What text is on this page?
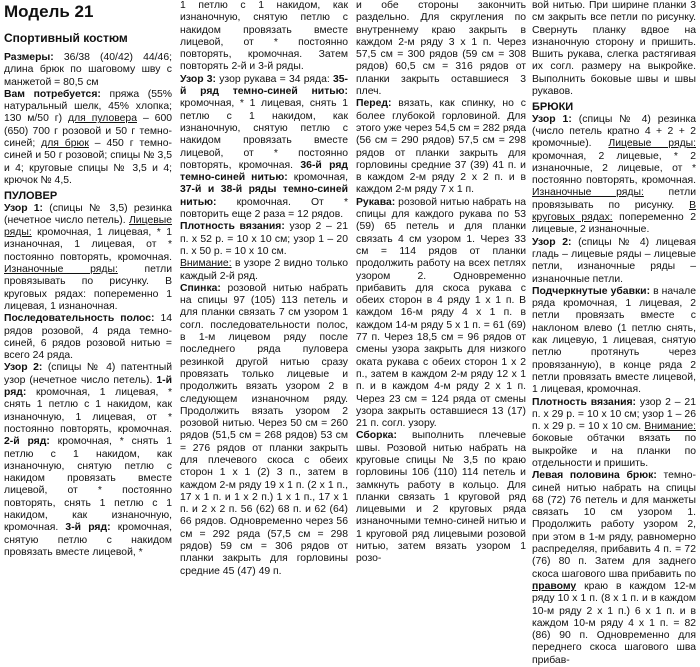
Модель 21
Спортивный костюм

Размеры: 36/38 (40/42) 44/46; длина брюк по шаговому шву с манжетой = 80,5 см

Вам потребуется: пряжа (55% натуральный шелк, 45% хлопка; 130 м/50 г) для пуловера – 600 (650) 700 г розовой и 50 г темно-синей; для брюк – 450 г темно-синей и 50 г розовой; спицы № 3,5 и 4; круговые спицы № 3,5 и 4; крючок № 4,5.

ПУЛОВЕР

Узор 1: (спицы № 3,5) резинка (нечетное число петель). Лицевые ряды: кромочная, 1 лицевая, * 1 изнаночная, 1 лицевая, от * постоянно повторять, кромочная. Изнаночные ряды: петли провязывать по рисунку. В круговых рядах: попеременно 1 лицевая, 1 изнаночная.

Последовательность полос: 14 рядов розовой, 4 ряда темно-синей, 6 рядов розовой нитью = всего 24 ряда.

Узор 2: (спицы № 4) патентный узор (нечетное число петель). 1-й ряд: кромочная, 1 лицевая, * снять 1 петлю с 1 накидом, как изнаночную, 1 лицевая, от * постоянно повторять, кромочная. 2-й ряд: кромочная, * снять 1 петлю с 1 накидом, как изнаночную, снятую петлю с накидом провязать вместе лицевой, от * постоянно повторять, снять 1 петлю с 1 накидом, как изнаночную, кромочная. 3-й ряд: кромочная, снятую петлю с накидом провязать вместе лицевой, *

1 петлю с 1 накидом, как изнаночную, снятую петлю с накидом провязать вместе лицевой, от * постоянно повторять, кромочная. Затем повторять 2-й и 3-й ряды.

Узор 3: узор рукава = 34 ряда: 35-й ряд темно-синей нитью: кромочная, * 1 лицевая, снять 1 петлю с 1 накидом, как изнаночную, снятую петлю с накидом провязать вместе лицевой, от * постоянно повторять, кромочная. 36-й ряд темно-синей нитью: кромочная, 37-й и 38-й ряды темно-синей нитью: кромочная. От * повторить еще 2 раза = 12 рядов.

Плотность вязания: узор 2 – 21 п. x 52 р. = 10 x 10 см; узор 1 – 20 п. x 50 р. = 10 x 10 см.

Внимание: в узоре 2 видно только каждый 2-й ряд.

Спинка: розовой нитью набрать на спицы 97 (105) 113 петель и для планки связать 7 см узором 1 согл. последовательности полос, в 1-м лицевом ряду после последнего ряда пуловера резинкой другой нитью сразу провязать только лицевые и продолжить вязать узором 2 в следующем изнаночном ряду. Продолжить вязать узором 2 розовой нитью. Через 50 см = 260 рядов (51,5 см = 268 рядов) 53 см = 276 рядов от планки закрыть для плечевого скоса с обеих сторон 1 x 1 (2) 3 п., затем в каждом 2-м ряду 19 x 1 п. (2 x 1 п., 17 x 1 п. и 1 x 2 п.) 1 x 1 п., 17 x 1 п. и 2 x 2 п. 56 (62) 68 п. и 62 (64) 66 рядов. Одновременно через 56 см = 292 ряда (57,5 см = 298 рядов) 59 см = 306 рядов от планки закрыть для горловины средние 45 (47) 49 п.

и обе стороны закончить раздельно. Для скругления по внутреннему краю закрыть в каждом 2-м ряду 3 x 1 п. Через 57,5 см = 300 рядов (59 см = 308 рядов) 60,5 см = 316 рядов от планки закрыть оставшиеся 3 плеч.

Перед: вязать, как спинку, но с более глубокой горловиной. Для этого уже через 54,5 см = 282 ряда (56 см = 290 рядов) 57,5 см = 298 рядов от планки закрыть для горловины средние 37 (39) 41 п. и в каждом 2-м ряду 2 x 2 п. и в каждом 2-м ряду 7 x 1 п.

Рукава: розовой нитью набрать на спицы для каждого рукава по 53 (59) 65 петель и для планки связать 4 см узором 1. Через 33 см = 114 рядов от планки продолжить работу на всех петлях узором 2. Одновременно прибавить для скоса рукава с обеих сторон в 4 ряду 1 x 1 п. В каждом 16-м ряду 4 x 1 п. в каждом 14-м ряду 5 x 1 п. = 61 (69) 77 п. Через 18,5 см = 96 рядов от смены узора закрыть для низкого оката рукава с обеих сторон 1 x 2 п., затем в каждом 2-м ряду 12 x 1 п. и в каждом 4-м ряду 2 x 1 п. Через 23 см = 124 ряда от смены узора закрыть оставшиеся 13 (17) 21 п. согл. узору.

Сборка: выполнить плечевые швы. Розовой нитью набрать на круговые спицы № 3,5 по краю горловины 106 (110) 114 петель и замкнуть работу в кольцо. Для планки связать 1 круговой ряд лицевыми и 2 круговых ряда изнаночными темно-синей нитью и 1 круговой ряд лицевыми розовой нитью, затем вязать узором 1 розо-

вой нитью. При ширине планки 3 см закрыть все петли по рисунку. Свернуть планку вдвое на изнаночную сторону и пришить. Вшить рукава, слегка растягивая их согл. размеру на выкройке. Выполнить боковые швы и швы рукавов.

БРЮКИ

Узор 1: (спицы № 4) резинка (число петель кратно 4 + 2 + 2 кромочные). Лицевые ряды: кромочная, 2 лицевые, * 2 изнаночные, 2 лицевые, от * постоянно повторять, кромочная. Изнаночные ряды: петли провязывать по рисунку. В круговых рядах: попеременно 2 лицевые, 2 изнаночные.

Узор 2: (спицы № 4) лицевая гладь – лицевые ряды – лицевые петли, изнаночные ряды – изнаночные петли.

Подчеркнутые убавки: в начале ряда кромочная, 1 лицевая, 2 петли провязать вместе с наклоном влево (1 петлю снять, как лицевую, 1 лицевая, снятую петлю протянуть через провязанную), в конце ряда 2 петли провязать вместе лицевой, 1 лицевая, кромочная.

Плотность вязания: узор 2 – 21 п. x 29 р. = 10 x 10 см; узор 1 – 26 п. x 29 р. = 10 x 10 см. Внимание: боковые обтачки вязать по выкройке и на планки по отдельности и пришить.

Левая половина брюк: темно-синей нитью набрать на спицы 68 (72) 76 петель и для манжеты связать 10 см узором 1. Продолжить работу узором 2, при этом в 1-м ряду, равномерно распределяя, прибавить 4 п. = 72 (76) 80 п. Затем для заднего скоса шагового шва прибавить по правому краю в каждом 12-м ряду 10 x 1 п. (8 x 1 п. и в каждом 10-м ряду 2 x 1 п.) 6 x 1 п. и в каждом 10-м ряду 4 x 1 п. = 82 (86) 90 п. Одновременно для переднего скоса шагового шва прибав-
